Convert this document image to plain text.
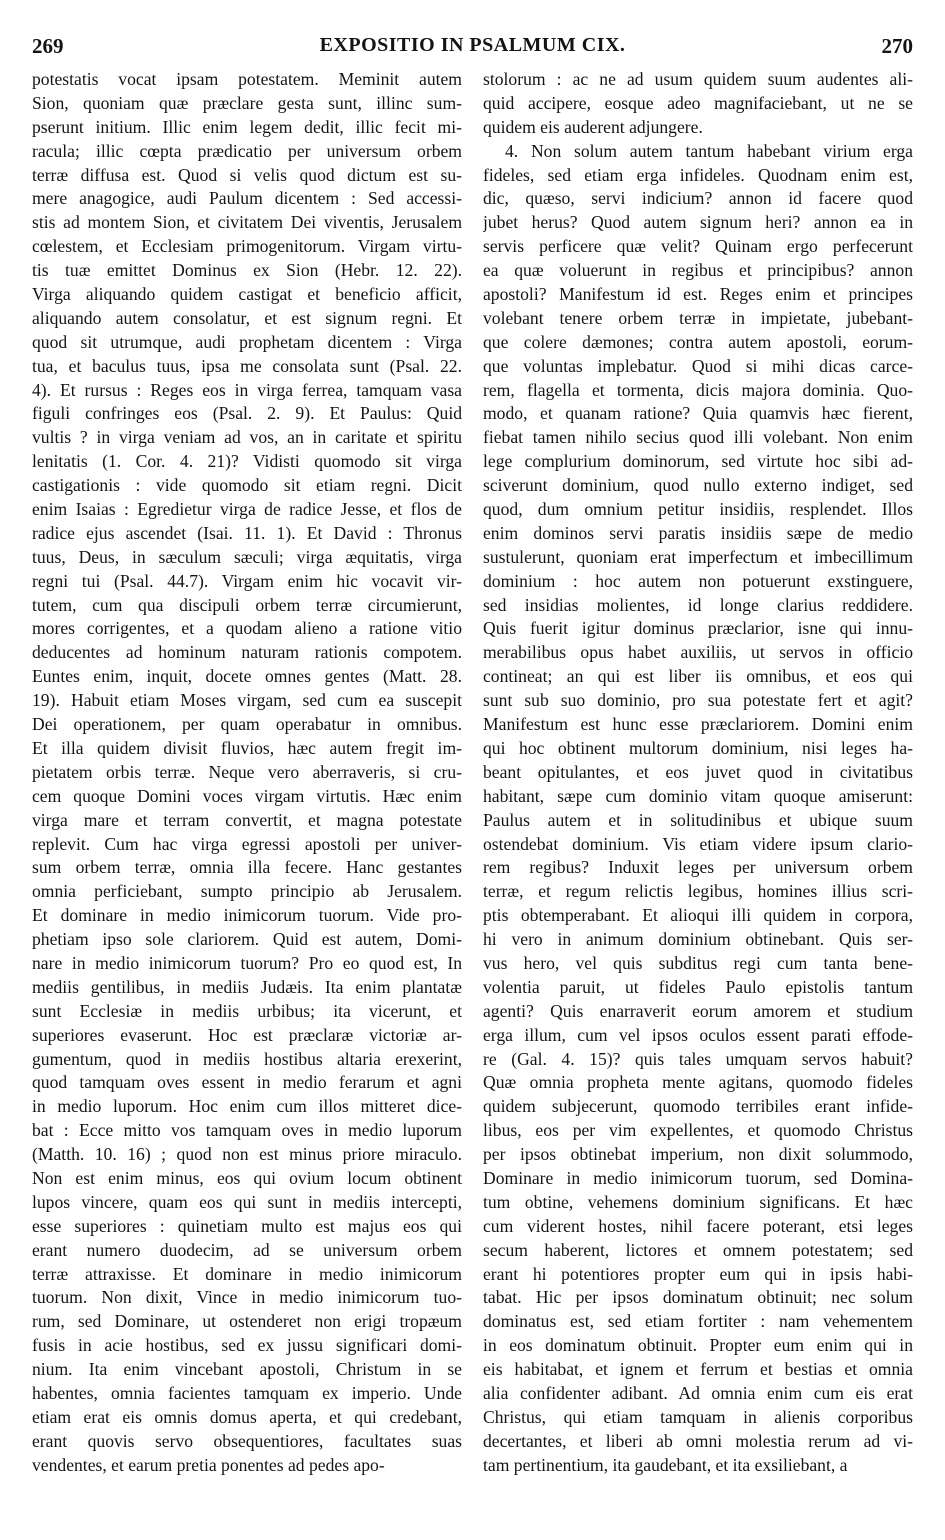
269	EXPOSITIO IN PSALMUM CIX.	270
potestatis vocat ipsam potestatem. Meminit autem
Sion, quoniam quæ præclare gesta sunt, illinc sum-
pserunt initium. Illic enim legem dedit, illic fecit mi-
racula; illic cœpta prædicatio per universum orbem
terræ diffusa est. Quod si velis quod dictum est su-
mere anagogice, audi Paulum dicentem : Sed accessi-
stis ad montem Sion, et civitatem Dei viventis, Jerusalem
cœlestem, et Ecclesiam primogenitorum. Virgam virtu-
tis tuæ emittet Dominus ex Sion (Hebr. 12. 22).
Virga aliquando quidem castigat et beneficio afficit,
aliquando autem consolatur, et est signum regni. Et
quod sit utrumque, audi prophetam dicentem : Virga
tua, et baculus tuus, ipsa me consolata sunt (Psal. 22.
4). Et rursus : Reges eos in virga ferrea, tamquam vasa
figuli confringes eos (Psal. 2. 9). Et Paulus: Quid
vultis ? in virga veniam ad vos, an in caritate et spiritu
lenitatis (1. Cor. 4. 21)? Vidisti quomodo sit virga
castigationis : vide quomodo sit etiam regni. Dicit
enim Isaias : Egredietur virga de radice Jesse, et flos de
radice ejus ascendet (Isai. 11. 1). Et David : Thronus
tuus, Deus, in sæculum sæculi; virga æquitatis, virga
regni tui (Psal. 44.7). Virgam enim hic vocavit vir-
tutem, cum qua discipuli orbem terræ circumierunt,
mores corrigentes, et a quodam alieno a ratione vitio
deducentes ad hominum naturam rationis compotem.
Euntes enim, inquit, docete omnes gentes (Matt. 28.
19). Habuit etiam Moses virgam, sed cum ea suscepit
Dei operationem, per quam operabatur in omnibus.
Et illa quidem divisit fluvios, hæc autem fregit im-
pietatem orbis terræ. Neque vero aberraveris, si cru-
cem quoque Domini voces virgam virtutis. Hæc enim
virga mare et terram convertit, et magna potestate
replevit. Cum hac virga egressi apostoli per univer-
sum orbem terræ, omnia illa fecere. Hanc gestantes
omnia perficiebant, sumpto principio ab Jerusalem.
Et dominare in medio inimicorum tuorum. Vide pro-
phetiam ipso sole clariorem. Quid est autem, Domi-
nare in medio inimicorum tuorum? Pro eo quod est, In
mediis gentilibus, in mediis Judæis. Ita enim plantatæ
sunt Ecclesiæ in mediis urbibus; ita vicerunt, et
superiores evaserunt. Hoc est præclaræ victoriæ ar-
gumentum, quod in mediis hostibus altaria erexerint,
quod tamquam oves essent in medio ferarum et agni
in medio luporum. Hoc enim cum illos mitteret dice-
bat : Ecce mitto vos tamquam oves in medio luporum
(Matth. 10. 16) ; quod non est minus priore miraculo.
Non est enim minus, eos qui ovium locum obtinent
lupos vincere, quam eos qui sunt in mediis intercepti,
esse superiores : quinetiam multo est majus eos qui
erant numero duodecim, ad se universum orbem
terræ attraxisse. Et dominare in medio inimicorum
tuorum. Non dixit, Vince in medio inimicorum tuo-
rum, sed Dominare, ut ostenderet non erigi tropæum
fusis in acie hostibus, sed ex jussu significari domi-
nium. Ita enim vincebant apostoli, Christum in se
habentes, omnia facientes tamquam ex imperio. Unde
etiam erat eis omnis domus aperta, et qui credebant,
erant quovis servo obsequentiores, facultates suas
vendentes, et earum pretia ponentes ad pedes apo-
stolorum : ac ne ad usum quidem suum audentes ali-
quid accipere, eosque adeo magnifaciebant, ut ne se
quidem eis auderent adjungere.
4. Non solum autem tantum habebant virium erga
fideles, sed etiam erga infideles. Quodnam enim est,
dic, quæso, servi indicium? annon id facere quod
jubet herus? Quod autem signum heri? annon ea in
servis perficere quæ velit? Quinam ergo perfecerunt
ea quæ voluerunt in regibus et principibus? annon
apostoli? Manifestum id est. Reges enim et principes
volebant tenere orbem terræ in impietate, jubebant-
que colere dæmones; contra autem apostoli, eorum-
que voluntas implebatur. Quod si mihi dicas carce-
rem, flagella et tormenta, dicis majora dominia. Quo-
modo, et quanam ratione? Quia quamvis hæc fierent,
fiebat tamen nihilo secius quod illi volebant. Non enim
lege complurium dominorum, sed virtute hoc sibi ad-
sciverunt dominium, quod nullo externo indiget, sed
quod, dum omnium petitur insidiis, resplendet. Illos
enim dominos servi paratis insidiis sæpe de medio
sustulerunt, quoniam erat imperfectum et imbecillimum
dominium : hoc autem non potuerunt exstinguere,
sed insidias molientes, id longe clarius reddidere.
Quis fuerit igitur dominus præclarior, isne qui innu-
merabilibus opus habet auxiliis, ut servos in officio
contineat; an qui est liber iis omnibus, et eos qui
sunt sub suo dominio, pro sua potestate fert et agit?
Manifestum est hunc esse præclariorem. Domini enim
qui hoc obtinent multorum dominium, nisi leges ha-
beant opitulantes, et eos juvet quod in civitatibus
habitant, sæpe cum dominio vitam quoque amiserunt:
Paulus autem et in solitudinibus et ubique suum
ostendebat dominium. Vis etiam videre ipsum clario-
rem regibus? Induxit leges per universum orbem
terræ, et regum relictis legibus, homines illius scri-
ptis obtemperabant. Et alioqui illi quidem in corpora,
hi vero in animum dominium obtinebant. Quis ser-
vus hero, vel quis subditus regi cum tanta bene-
volentia paruit, ut fideles Paulo epistolis tantum
agenti? Quis enarraverit eorum amorem et studium
erga illum, cum vel ipsos oculos essent parati effode-
re (Gal. 4. 15)? quis tales umquam servos habuit?
Quæ omnia propheta mente agitans, quomodo fideles
quidem subjecerunt, quomodo terribiles erant infide-
libus, eos per vim expellentes, et quomodo Christus
per ipsos obtinebat imperium, non dixit solummodo,
Dominare in medio inimicorum tuorum, sed Domina-
tum obtine, vehemens dominium significans. Et hæc
cum viderent hostes, nihil facere poterant, etsi leges
secum haberent, lictores et omnem potestatem; sed
erant hi potentiores propter eum qui in ipsis habi-
tabat. Hic per ipsos dominatum obtinuit; nec solum
dominatus est, sed etiam fortiter : nam vehementem
in eos dominatum obtinuit. Propter eum enim qui in
eis habitabat, et ignem et ferrum et bestias et omnia
alia confidenter adibant. Ad omnia enim cum eis erat
Christus, qui etiam tamquam in alienis corporibus
decertantes, et liberi ab omni molestia rerum ad vi-
tam pertinentium, ita gaudebant, et ita exsiliebant, a
